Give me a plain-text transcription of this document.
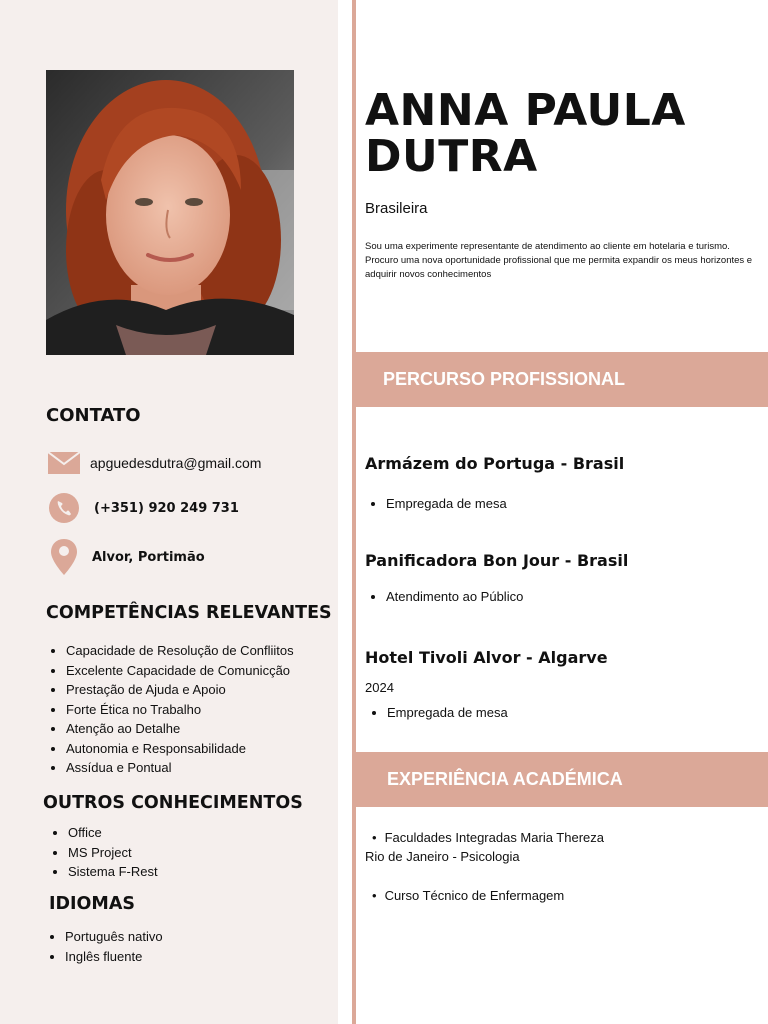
CONTATO
apguedesdutra@gmail.com
(+351) 920 249 731
Alvor, Portimão
COMPETÊNCIAS RELEVANTES
• Capacidade de Resolução de Confliitos
• Excelente Capacidade de Comunicção
• Prestação de Ajuda e Apoio
• Forte Ética no Trabalho
• Atenção ao Detalhe
• Autonomia e Responsabilidade
• Assídua e Pontual
OUTROS CONHECIMENTOS
• Office
• MS Project
• Sistema F-Rest
IDIOMAS
• Português nativo
• Inglês fluente
ANNA PAULA
DUTRA
Brasileira
Sou uma experimente representante de atendimento ao cliente em hotelaria e turismo. Procuro uma nova oportunidade profissional que me permita expandir os meus horizontes e adquirir novos conhecimentos
PERCURSO PROFISSIONAL
Armázem do Portuga - Brasil
• Empregada de mesa
Panificadora Bon Jour - Brasil
• Atendimento ao Público
Hotel Tivoli Alvor - Algarve
2024
• Empregada de mesa
EXPERIÊNCIA ACADÉMICA
• Faculdades Integradas Maria Thereza
Rio de Janeiro - Psicologia
• Curso Técnico de Enfermagem
